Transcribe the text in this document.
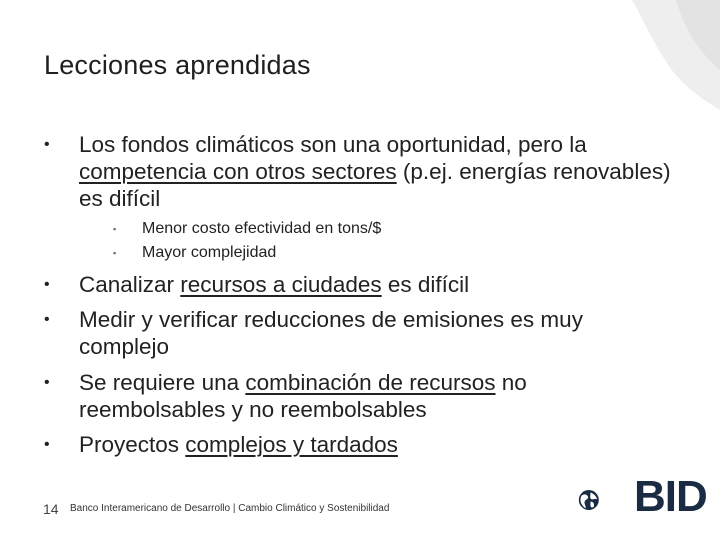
Lecciones aprendidas
• Los fondos climáticos son una oportunidad, pero la competencia con otros sectores (p.ej. energías renovables) es difícil
▪ Menor costo efectividad en tons/$
▪ Mayor complejidad
• Canalizar recursos a ciudades es difícil
• Medir y verificar reducciones de emisiones es muy complejo
• Se requiere una combinación de recursos no reembolsables y no reembolsables
• Proyectos complejos y tardados
14 Banco Interamericano de Desarrollo | Cambio Climático y Sostenibilidad	BID
